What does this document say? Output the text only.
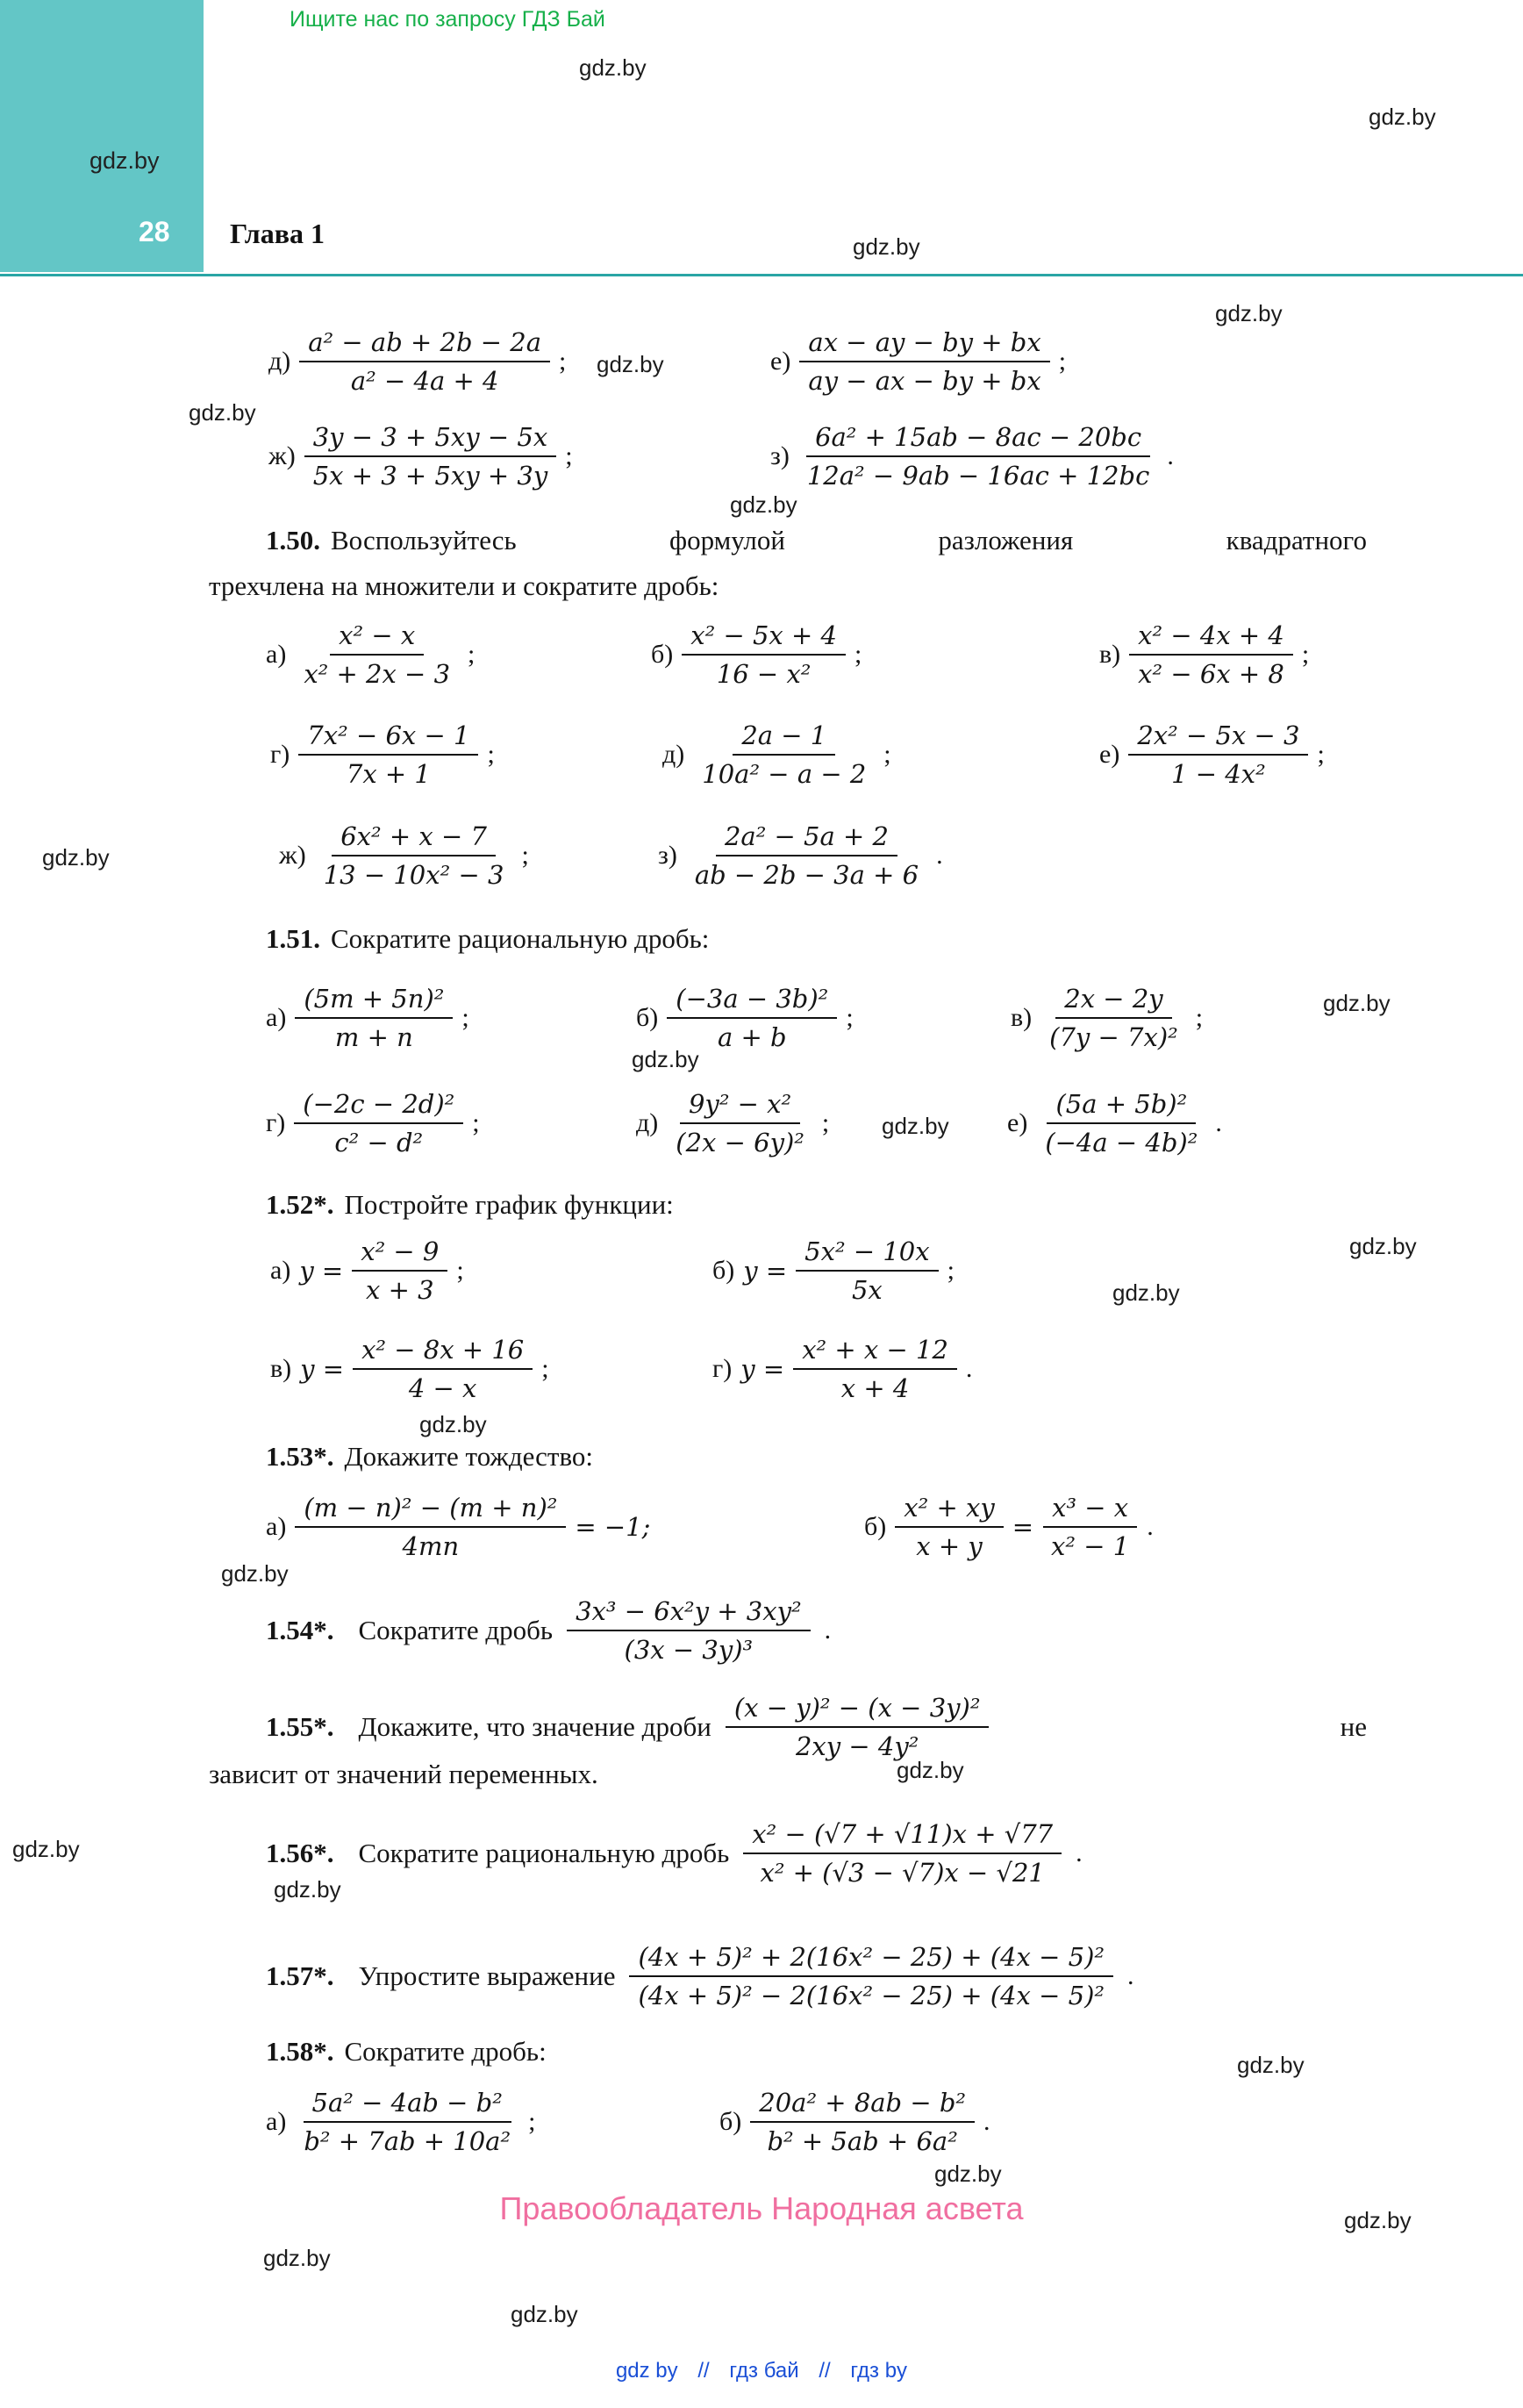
Ищите нас по запросу ГДЗ Бай
gdz.by
gdz.by
gdz.by
gdz.by
gdz.by
gdz.by
gdz.by
gdz.by
gdz.by
gdz.by
gdz.by
gdz.by
gdz.by
gdz.by
gdz.by
gdz.by
gdz.by
gdz.by
gdz.by
gdz.by
gdz.by
gdz.by
gdz.by
gdz.by
28 Глава 1
$д) \frac{\text{a² − ab + 2b − 2a}}{\text{a² − 4a + 4}}$ ;	$е) \frac{ax - ay - by + bx}{ay - ax - by + bx}$ ;
$ж) \frac{3y - 3 + 5xy - 5x}{5x + 3 + 5xy + 3y}$ ;	$з) \frac{\text{6a² + 15ab − 8ac − 20bc}}{\text{12a² − 9ab − 16ac + 12bc}}$ .
1.50. Воспользуйтесь формулой разложения квадратного
трехчлена на множители и сократите дробь:
$а) \frac{\text{x² − x}}{\text{x² + 2x − 3}}$ ;	$б) \frac{\text{x² − 5x + 4}}{\text{16 − x²}}$ ;	$в) \frac{\text{x² − 4x + 4}}{\text{x² − 6x + 8}}$ ;
$г) \frac{\text{7x² − 6x − 1}}{7x + 1}$ ;	$д) \frac{2a - 1}{\text{10a² − a − 2}}$ ;	$е) \frac{\text{2x² − 5x − 3}}{\text{1 − 4x²}}$ ;
$ж) \frac{\text{6x² + x − 7}}{\text{13 − 10x² − 3}}$ ;	$з) \frac{\text{2a² − 5a + 2}}{ab - 2b - 3a + 6}$ .
1.51. Сократите рациональную дробь:
$а) \frac{\text{(5m + 5n)²}}{m + n}$ ;	$б) \frac{\text{(−3a − 3b)²}}{a + b}$ ;	$в) \frac{2x - 2y}{\text{(7y − 7x)²}}$ ;
$г) \frac{\text{(−2c − 2d)²}}{\text{c² − d²}}$ ;	$д) \frac{\text{9y² − x²}}{\text{(2x − 6y)²}}$ ;	$е) \frac{\text{(5a + 5b)²}}{\text{(−4a − 4b)²}}$ .
1.52*. Постройте график функции:
а) $y = \frac{\text{x² − 9}}{x + 3}$ ;	б) $y = \frac{\text{5x² − 10x}}{5x}$ ;
в) $y = \frac{\text{x² − 8x + 16}}{4 - x}$ ;	г) $y = \frac{\text{x² + x − 12}}{x + 4}$ .
1.53*. Докажите тождество:
$а) \frac{\text{(m − n)² − (m + n)²}}{4mn} = -1$;	$б) \frac{\text{x² + xy}}{x + y} = \frac{\text{x³ − x}}{\text{x² − 1}}$ .
1.54*. Сократите дробь $\frac{\text{3x³ − 6x²y + 3xy²}}{\text{(3x − 3y)³}}$ .
1.55*. Докажите, что значение дроби $\frac{\text{(x − y)² − (x − 3y)²}}{\text{2xy − 4y²}}$	не
зависит от значений переменных.
1.56*. Сократите рациональную дробь $\frac{\text{x² − (√7 + √11)x + √77}}{\text{x² + (√3 − √7)x − √21}}$ .
1.57*. Упростите выражение $\frac{\text{(4x + 5)² + 2(16x² − 25) + (4x − 5)²}}{\text{(4x + 5)² − 2(16x² − 25) + (4x − 5)²}}$ .
1.58*. Сократите дробь:
$а) \frac{\text{5a² − 4ab − b²}}{\text{b² + 7ab + 10a²}}$ ;	$б) \frac{\text{20a² + 8ab − b²}}{\text{b² + 5ab + 6a²}}$ .
Правообладатель Народная асвета
gdz by // гдз бай // гдз by
